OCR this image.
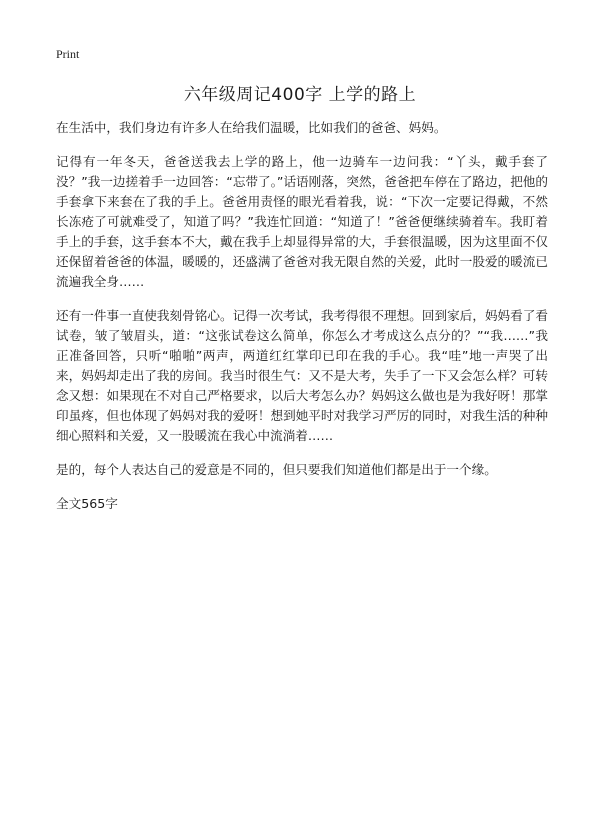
Print
六年级周记400字 上学的路上

在生活中，我们身边有许多人在给我们温暖，比如我们的爸爸、妈妈。

记得有一年冬天，爸爸送我去上学的路上，他一边骑车一边问我：“丫头，戴手套了没？”我一边搓着手一边回答：“忘带了。”话语刚落，突然，爸爸把车停在了路边，把他的手套拿下来套在了我的手上。爸爸用责怪的眼光看着我，说：“下次一定要记得戴，不然长冻疮了可就难受了，知道了吗？”我连忙回道：“知道了！”爸爸便继续骑着车。我盯着手上的手套，这手套本不大，戴在我手上却显得异常的大，手套很温暖，因为这里面不仅还保留着爸爸的体温，暖暖的，还盛满了爸爸对我无限自然的关爱，此时一股爱的暖流已流遍我全身……

还有一件事一直使我刻骨铭心。记得一次考试，我考得很不理想。回到家后，妈妈看了看试卷，皱了皱眉头，道：“这张试卷这么简单，你怎么才考成这么点分的？”“我……”我正准备回答，只听“啪啪”两声，两道红红掌印已印在我的手心。我“哇”地一声哭了出来，妈妈却走出了我的房间。我当时很生气：又不是大考，失手了一下又会怎么样？可转念又想：如果现在不对自己严格要求，以后大考怎么办？妈妈这么做也是为我好呀！那掌印虽疼，但也体现了妈妈对我的爱呀！想到她平时对我学习严厉的同时，对我生活的种种细心照料和关爱，又一股暖流在我心中流淌着……

是的，每个人表达自己的爱意是不同的，但只要我们知道他们都是出于一个缘。

全文565字
